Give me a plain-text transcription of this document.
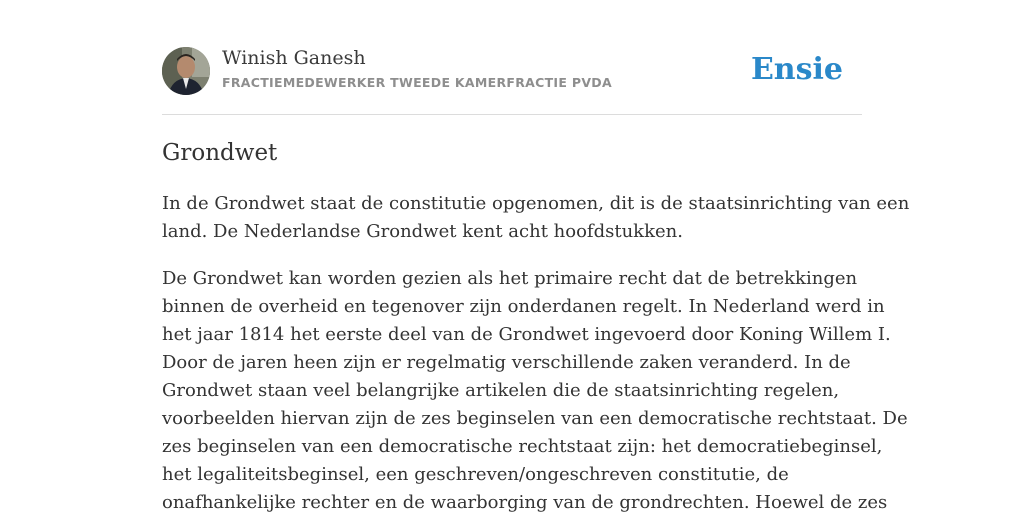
Winish Ganesh
FRACTIEMEDEWERKER TWEEDE KAMERFRACTIE PVDA	Ensie
Grondwet
In de Grondwet staat de constitutie opgenomen, dit is de staatsinrichting van een
land. De Nederlandse Grondwet kent acht hoofdstukken.
De Grondwet kan worden gezien als het primaire recht dat de betrekkingen
binnen de overheid en tegenover zijn onderdanen regelt. In Nederland werd in
het jaar 1814 het eerste deel van de Grondwet ingevoerd door Koning Willem I.
Door de jaren heen zijn er regelmatig verschillende zaken veranderd. In de
Grondwet staan veel belangrijke artikelen die de staatsinrichting regelen,
voorbeelden hiervan zijn de zes beginselen van een democratische rechtstaat. De
zes beginselen van een democratische rechtstaat zijn: het democratiebeginsel,
het legaliteitsbeginsel, een geschreven/ongeschreven constitutie, de
onafhankelijke rechter en de waarborging van de grondrechten. Hoewel de zes
